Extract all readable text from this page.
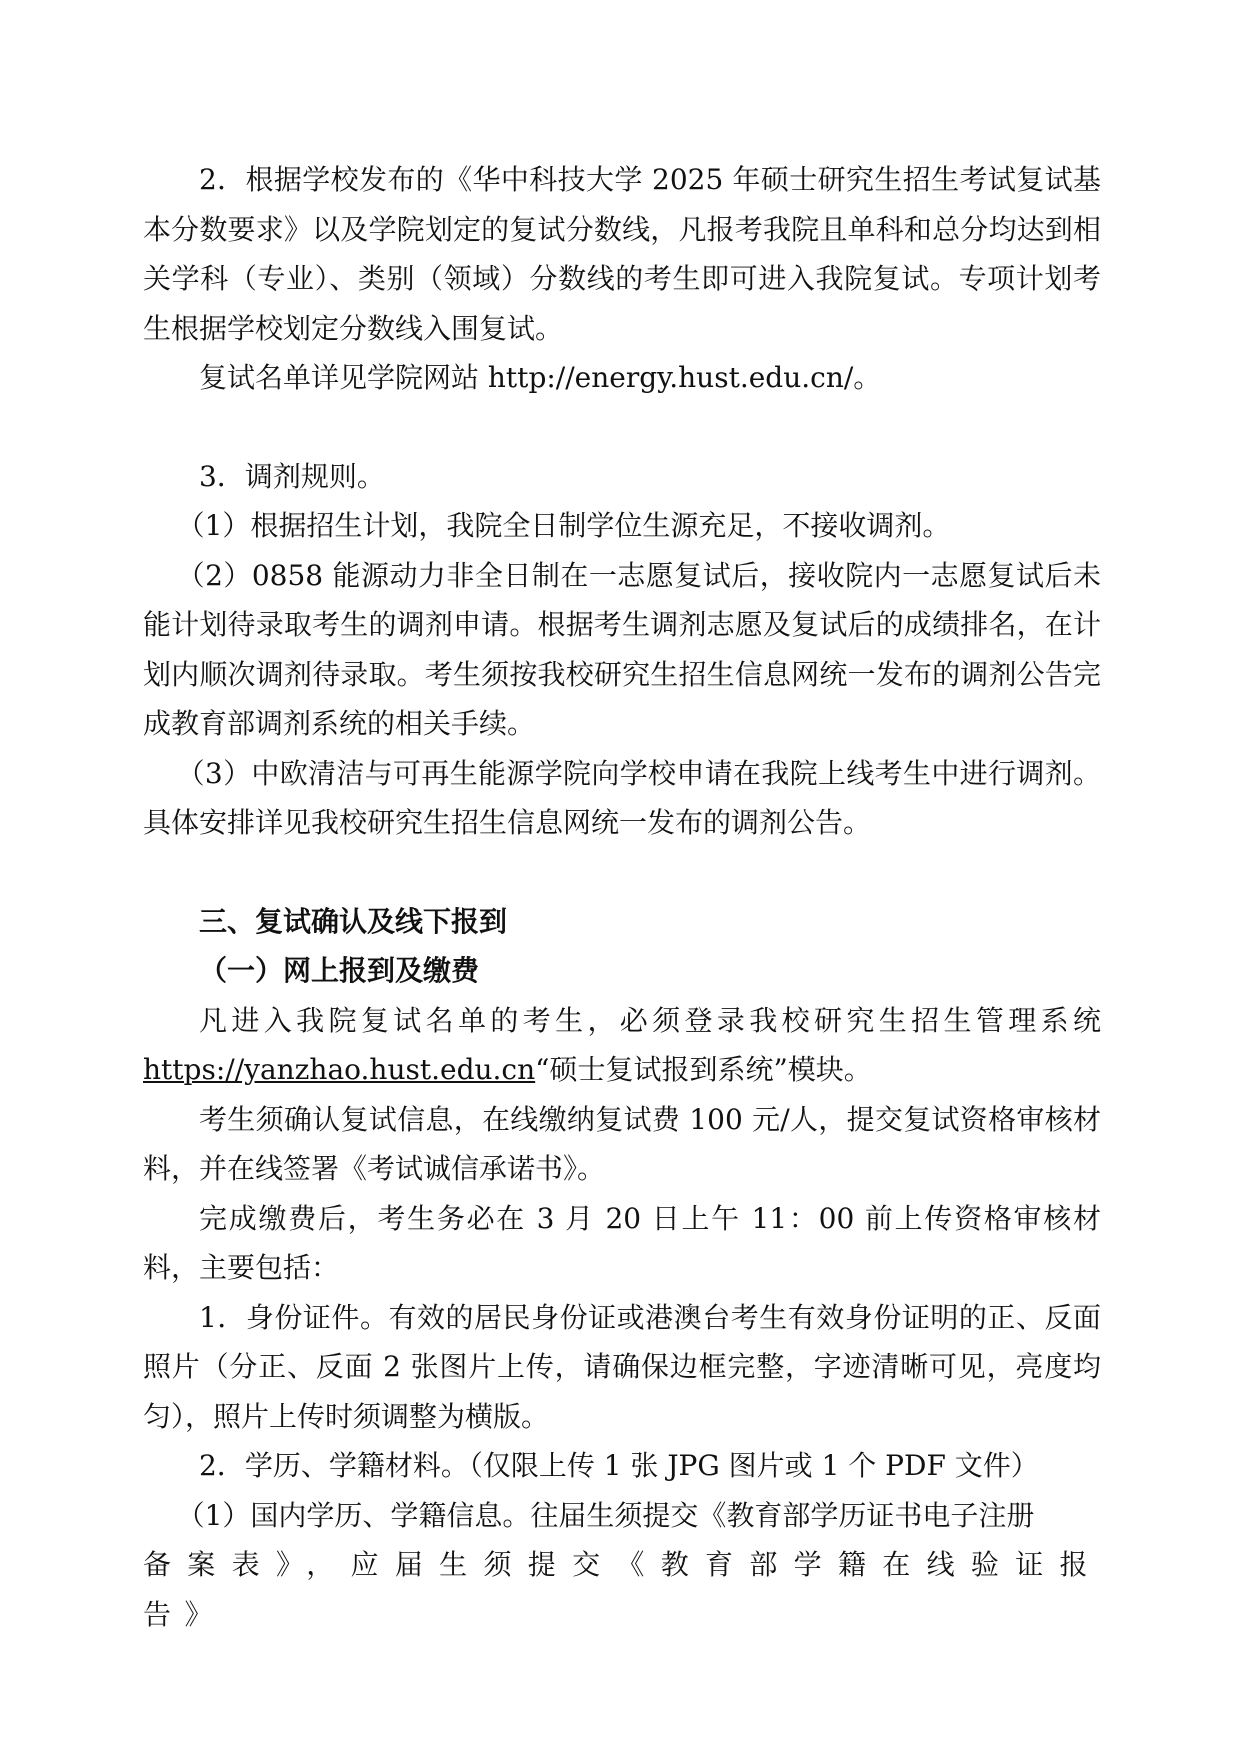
2．根据学校发布的《华中科技大学 2025 年硕士研究生招生考试复试基本分数要求》以及学院划定的复试分数线，凡报考我院且单科和总分均达到相关学科（专业）、类别（领域）分数线的考生即可进入我院复试。专项计划考生根据学校划定分数线入围复试。

复试名单详见学院网站 http://energy.hust.edu.cn/。

3．调剂规则。

（1）根据招生计划，我院全日制学位生源充足，不接收调剂。

（2）0858 能源动力非全日制在一志愿复试后，接收院内一志愿复试后未能计划待录取考生的调剂申请。根据考生调剂志愿及复试后的成绩排名，在计划内顺次调剂待录取。考生须按我校研究生招生信息网统一发布的调剂公告完成教育部调剂系统的相关手续。

（3）中欧清洁与可再生能源学院向学校申请在我院上线考生中进行调剂。具体安排详见我校研究生招生信息网统一发布的调剂公告。

三、复试确认及线下报到

（一）网上报到及缴费

凡进入我院复试名单的考生，必须登录我校研究生招生管理系统https://yanzhao.hust.edu.cn“硕士复试报到系统”模块。

考生须确认复试信息，在线缴纳复试费 100 元/人，提交复试资格审核材料，并在线签署《考试诚信承诺书》。

完成缴费后，考生务必在 3 月 20 日上午 11：00 前上传资格审核材料，主要包括：

1．身份证件。有效的居民身份证或港澳台考生有效身份证明的正、反面照片（分正、反面 2 张图片上传，请确保边框完整，字迹清晰可见，亮度均匀），照片上传时须调整为横版。

2．学历、学籍材料。（仅限上传 1 张 JPG 图片或 1 个 PDF 文件）

（1）国内学历、学籍信息。往届生须提交《教育部学历证书电子注册

备案表》，应届生须提交《教育部学籍在线验证报告》
